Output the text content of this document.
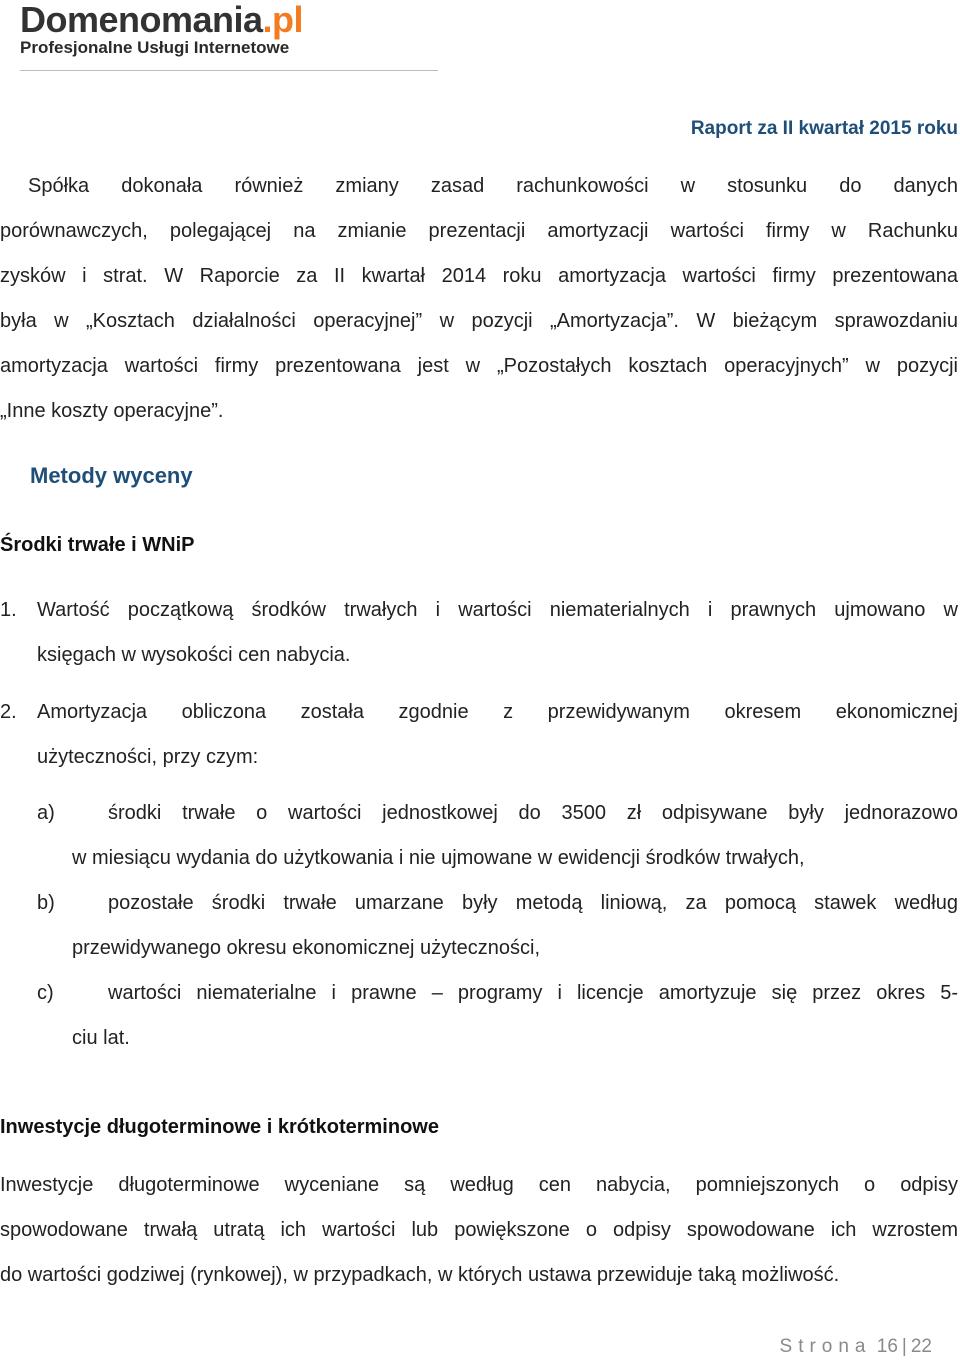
Domenomania.pl
Profesjonalne Usługi Internetowe
Raport za II kwartał 2015 roku
Spółka dokonała również zmiany zasad rachunkowości w stosunku do danych
porównawczych, polegającej na zmianie prezentacji amortyzacji wartości firmy w Rachunku
zysków i strat. W Raporcie za II kwartał 2014 roku amortyzacja wartości firmy prezentowana
była w „Kosztach działalności operacyjnej” w pozycji „Amortyzacja”. W bieżącym sprawozdaniu
amortyzacja wartości firmy prezentowana jest w „Pozostałych kosztach operacyjnych” w pozycji
„Inne koszty operacyjne”.
Metody wyceny
Środki trwałe i WNiP
1. Wartość początkową środków trwałych i wartości niematerialnych i prawnych ujmowano w
księgach w wysokości cen nabycia.
2. Amortyzacja obliczona została zgodnie z przewidywanym okresem ekonomicznej
użyteczności, przy czym:
a)	środki trwałe o wartości jednostkowej do 3500 zł odpisywane były jednorazowo
w miesiącu wydania do użytkowania i nie ujmowane w ewidencji środków trwałych,
b)	pozostałe środki trwałe umarzane były metodą liniową, za pomocą stawek według
przewidywanego okresu ekonomicznej użyteczności,
c)	wartości niematerialne i prawne – programy i licencje amortyzuje się przez okres 5-
ciu lat.
Inwestycje długoterminowe i krótkoterminowe
Inwestycje długoterminowe wyceniane są według cen nabycia, pomniejszonych o odpisy
spowodowane trwałą utratą ich wartości lub powiększone o odpisy spowodowane ich wzrostem
do wartości godziwej (rynkowej), w przypadkach, w których ustawa przewiduje taką możliwość.
Strona 16 | 22
